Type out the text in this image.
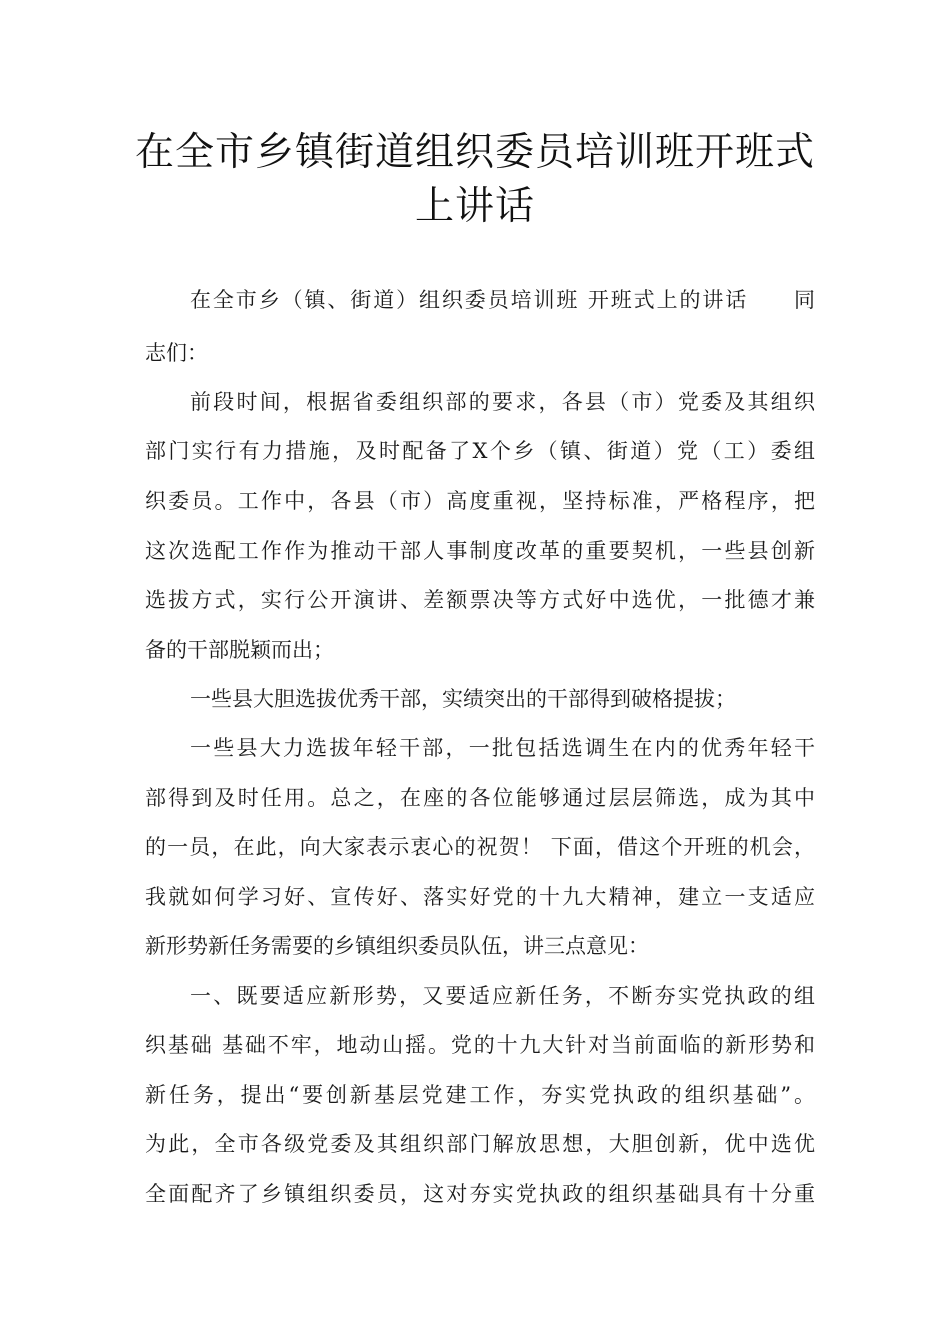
在全市乡镇街道组织委员培训班开班式
上讲话
在全市乡（镇、街道）组织委员培训班 开班式上的讲话　　同
志们：
前段时间，根据省委组织部的要求，各县（市）党委及其组织
部门实行有力措施，及时配备了X个乡（镇、街道）党（工）委组
织委员。工作中，各县（市）高度重视，坚持标准，严格程序，把
这次选配工作作为推动干部人事制度改革的重要契机，一些县创新
选拔方式，实行公开演讲、差额票决等方式好中选优，一批德才兼
备的干部脱颖而出；
一些县大胆选拔优秀干部，实绩突出的干部得到破格提拔；
一些县大力选拔年轻干部，一批包括选调生在内的优秀年轻干
部得到及时任用。总之，在座的各位能够通过层层筛选，成为其中
的一员，在此，向大家表示衷心的祝贺！ 下面，借这个开班的机会，
我就如何学习好、宣传好、落实好党的十九大精神，建立一支适应
新形势新任务需要的乡镇组织委员队伍，讲三点意见：
一、既要适应新形势，又要适应新任务，不断夯实党执政的组
织基础 基础不牢，地动山摇。党的十九大针对当前面临的新形势和
新任务，提出“要创新基层党建工作，夯实党执政的组织基础”。
为此，全市各级党委及其组织部门解放思想，大胆创新，优中选优
全面配齐了乡镇组织委员，这对夯实党执政的组织基础具有十分重
